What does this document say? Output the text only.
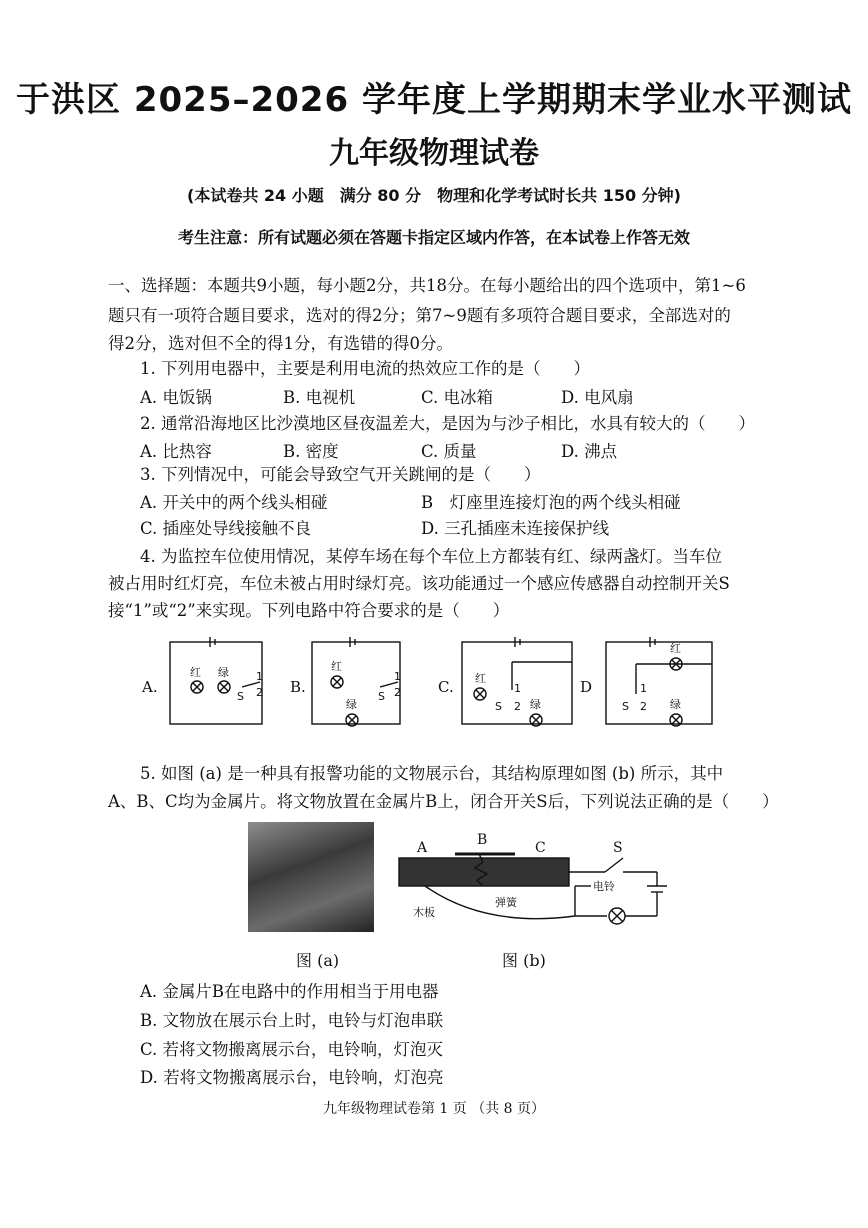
于洪区 2025–2026 学年度上学期期末学业水平测试
九年级物理试卷
(本试卷共 24 小题　满分 80 分　物理和化学考试时长共 150 分钟)
考生注意：所有试题必须在答题卡指定区域内作答，在本试卷上作答无效
一、选择题：本题共9小题，每小题2分，共18分。在每小题给出的四个选项中，第1~6
题只有一项符合题目要求，选对的得2分；第7~9题有多项符合题目要求，全部选对的
得2分，选对但不全的得1分，有选错的得0分。
1. 下列用电器中，主要是利用电流的热效应工作的是（　　）
A. 电饭锅	B. 电视机	C. 电冰箱	D. 电风扇
2. 通常沿海地区比沙漠地区昼夜温差大，是因为与沙子相比，水具有较大的（　　）
A. 比热容	B. 密度	C. 质量	D. 沸点
3. 下列情况中，可能会导致空气开关跳闸的是（　　）
A. 开关中的两个线头相碰	B　灯座里连接灯泡的两个线头相碰
C. 插座处导线接触不良	D. 三孔插座未连接保护线
4. 为监控车位使用情况，某停车场在每个车位上方都装有红、绿两盏灯。当车位
被占用时红灯亮，车位未被占用时绿灯亮。该功能通过一个感应传感器自动控制开关S
接“1”或“2”来实现。下列电路中符合要求的是（　　）
A.	B.	C.	D
红 绿
S
1
2
红
绿
S
1
2
红
绿
S
1
2
红
绿
S
1
2
5. 如图 (a) 是一种具有报警功能的文物展示台，其结构原理如图 (b) 所示，其中
A、B、C均为金属片。将文物放置在金属片B上，闭合开关S后，下列说法正确的是（　　）
A	B	C	S
电铃
弹簧
木板
图 (a)	图 (b)
A. 金属片B在电路中的作用相当于用电器
B. 文物放在展示台上时，电铃与灯泡串联
C. 若将文物搬离展示台，电铃响，灯泡灭
D. 若将文物搬离展示台，电铃响，灯泡亮
九年级物理试卷第 1 页 （共 8 页）
